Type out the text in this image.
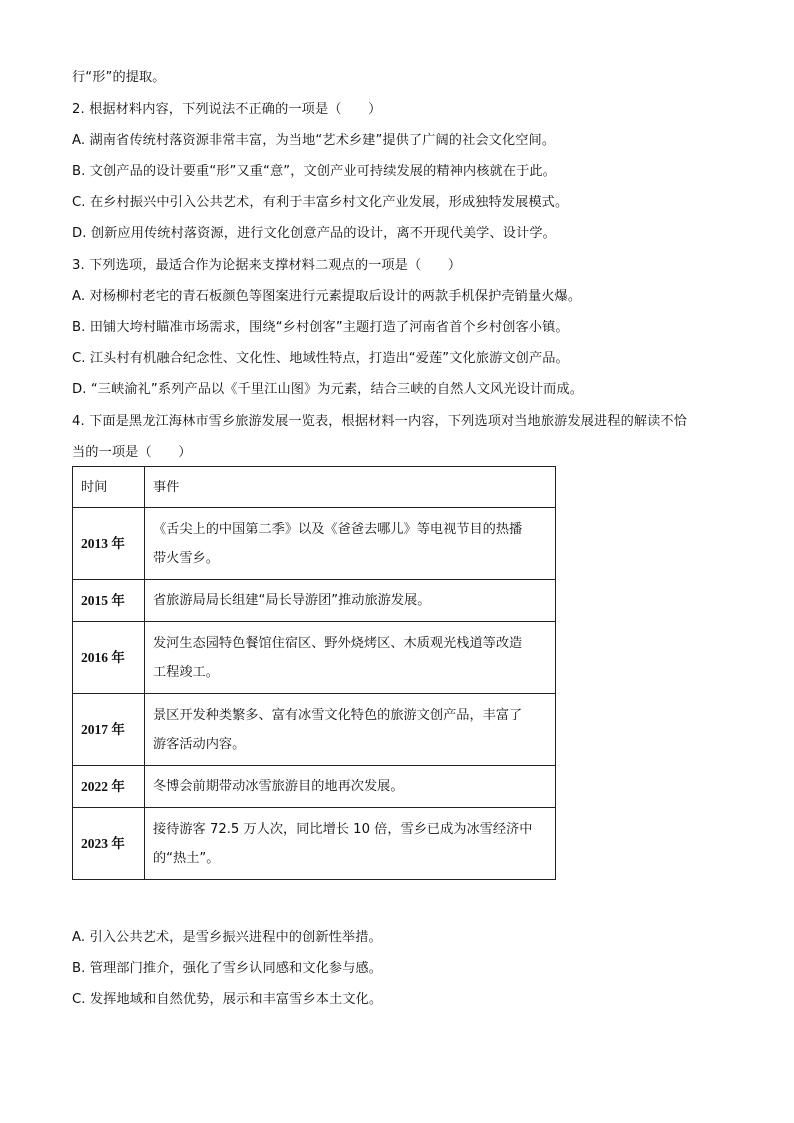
行“形”的提取。
2. 根据材料内容，下列说法不正确的一项是（　　）
A. 湖南省传统村落资源非常丰富，为当地“艺术乡建”提供了广阔的社会文化空间。
B. 文创产品的设计要重“形”又重“意”，文创产业可持续发展的精神内核就在于此。
C. 在乡村振兴中引入公共艺术，有利于丰富乡村文化产业发展，形成独特发展模式。
D. 创新应用传统村落资源，进行文化创意产品的设计，离不开现代美学、设计学。
3. 下列选项，最适合作为论据来支撑材料二观点的一项是（　　）
A. 对杨柳村老宅的青石板颜色等图案进行元素提取后设计的两款手机保护壳销量火爆。
B. 田铺大垮村瞄准市场需求，围绕“乡村创客”主题打造了河南省首个乡村创客小镇。
C. 江头村有机融合纪念性、文化性、地域性特点，打造出“爱莲”文化旅游文创产品。
D. “三峡渝礼”系列产品以《千里江山图》为元素，结合三峡的自然人文风光设计而成。
4. 下面是黑龙江海林市雪乡旅游发展一览表，根据材料一内容，下列选项对当地旅游发展进程的解读不恰
当的一项是（　　）
时间	事件
2013 年	《舌尖上的中国第二季》以及《爸爸去哪儿》等电视节目的热播
带火雪乡。

2015 年	省旅游局局长组建“局长导游团”推动旅游发展。
2016 年	发河生态园特色餐馆住宿区、野外烧烤区、木质观光栈道等改造
工程竣工。

2017 年	景区开发种类繁多、富有冰雪文化特色的旅游文创产品，丰富了
游客活动内容。

2022 年	冬博会前期带动冰雪旅游目的地再次发展。
2023 年	接待游客 72.5 万人次，同比增长 10 倍，雪乡已成为冰雪经济中
的“热土”。
A. 引入公共艺术，是雪乡振兴进程中的创新性举措。
B. 管理部门推介，强化了雪乡认同感和文化参与感。
C. 发挥地域和自然优势，展示和丰富雪乡本土文化。
